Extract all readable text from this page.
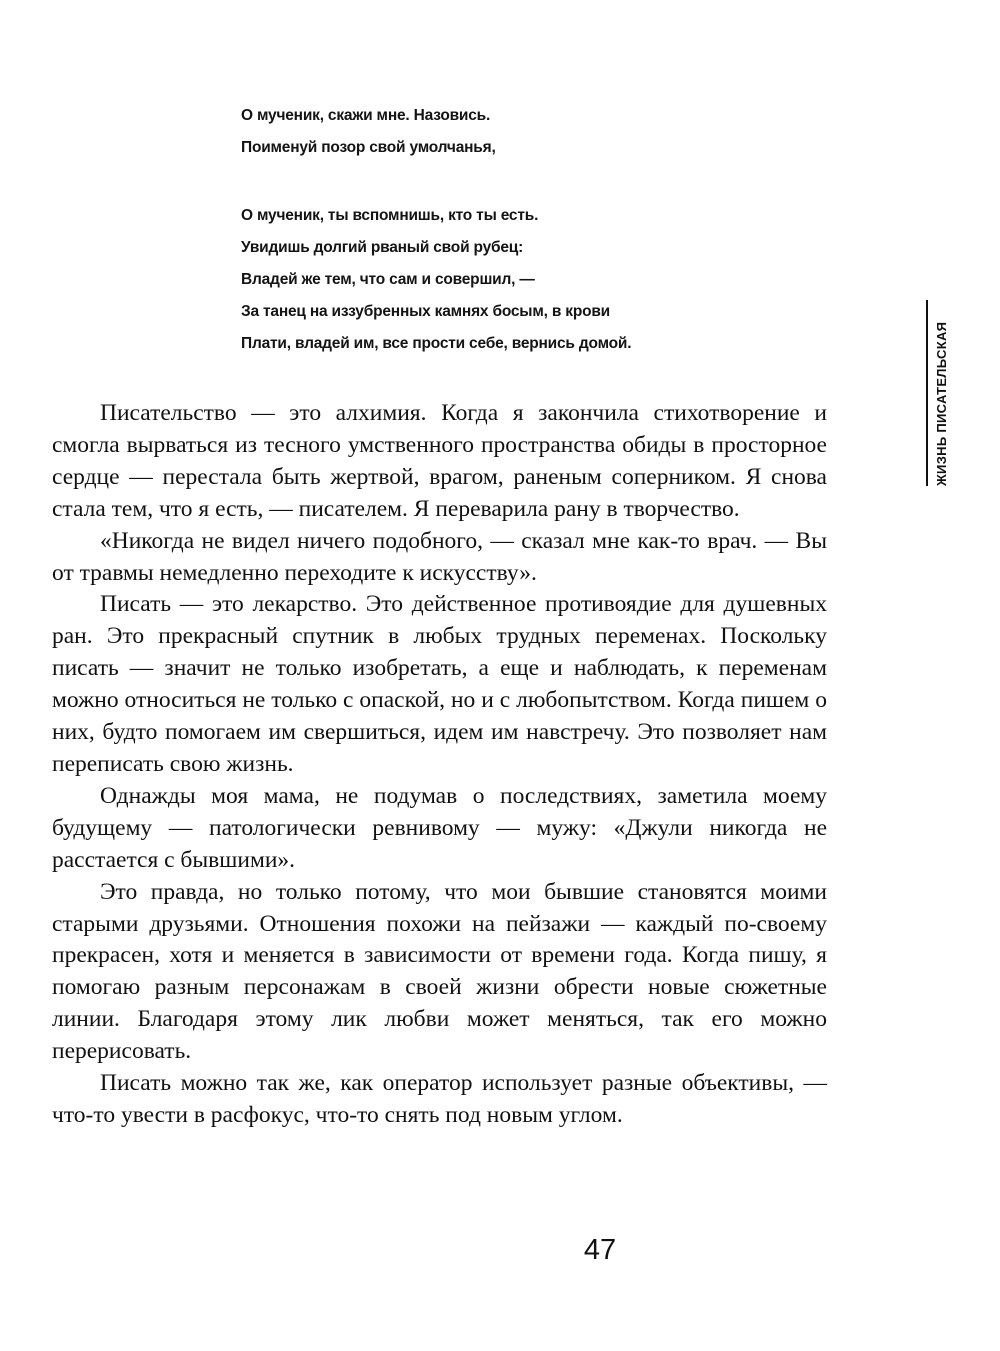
О мученик, скажи мне. Назовись.
Поименуй позор свой умолчанья,
О мученик, ты вспомнишь, кто ты есть.
Увидишь долгий рваный свой рубец:
Владей же тем, что сам и совершил, —
За танец на иззубренных камнях босым, в крови
Плати, владей им, все прости себе, вернись домой.	ЖИЗНЬ ПИСАТЕЛЬСКАЯ

Писательство — это алхимия. Когда я закончила стихотворение и смогла вырваться из тесного умственного пространства обиды в просторное сердце — перестала быть жертвой, врагом, раненым соперником. Я снова стала тем, что я есть, — писателем. Я переварила рану в творчество.

«Никогда не видел ничего подобного, — сказал мне как-то врач. — Вы от травмы немедленно переходите к искусству».

Писать — это лекарство. Это действенное противоядие для душевных ран. Это прекрасный спутник в любых трудных переменах. Поскольку писать — значит не только изобретать, а еще и наблюдать, к переменам можно относиться не только с опаской, но и с любопытством. Когда пишем о них, будто помогаем им свершиться, идем им навстречу. Это позволяет нам переписать свою жизнь.

Однажды моя мама, не подумав о последствиях, заметила моему будущему — патологически ревнивому — мужу: «Джули никогда не расстается с бывшими».

Это правда, но только потому, что мои бывшие становятся моими старыми друзьями. Отношения похожи на пейзажи — каждый по-своему прекрасен, хотя и меняется в зависимости от времени года. Когда пишу, я помогаю разным персонажам в своей жизни обрести новые сюжетные линии. Благодаря этому лик любви может меняться, так его можно перерисовать.

Писать можно так же, как оператор использует разные объективы, — что-то увести в расфокус, что-то снять под новым углом.

47
